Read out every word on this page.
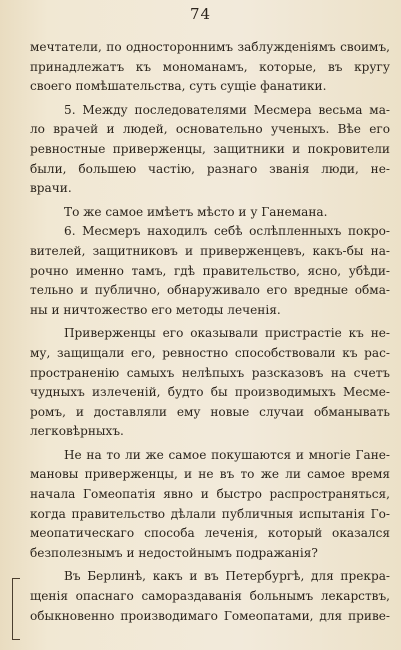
74
мечтатели, по одностороннимъ заблужденiямъ своимъ,
принадлежатъ къ мономанамъ, которые, въ кругу
своего помѣшательства, суть сущiе фанатики.
5. Между последователями Месмера весьма ма-
ло врачей и людей, основательно ученыхъ. Вѣе его
ревностные приверженцы, защитники и покровители
были, большею частiю, разнаго званiя люди, не-
врачи.
То же самое имѣетъ мѣсто и у Ганемана.
6. Месмеръ находилъ себѣ ослѣпленныхъ покро-
вителей, защитниковъ и приверженцевъ, какъ-бы на-
рочно именно тамъ, гдѣ правительство, ясно, убѣди-
тельно и публично, обнаруживало его вредные обма-
ны и ничтожество его методы леченiя.
Приверженцы его оказывали пристрастiе къ не-
му, защищали его, ревностно способствовали къ рас-
пространенiю самыхъ нелѣпыхъ разсказовъ на счетъ
чудныхъ излеченiй, будто бы производимыхъ Месме-
ромъ, и доставляли ему новые случаи обманывать
легковѣрныхъ.
Не на то ли же самое покушаются и многiе Гане-
мановы приверженцы, и не въ то же ли самое время
начала Гомеопатiя явно и быстро распространяться,
когда правительство дѣлали публичныя испытанiя Го-
меопатическаго способа леченiя, который оказался
безполезнымъ и недостойнымъ подражанiя?
Въ Берлинѣ, какъ и въ Петербургѣ, для прекра-
щенiя опаснаго самораздаванiя больнымъ лекарствъ,
обыкновенно производимаго Гомеопатами, для приве-
